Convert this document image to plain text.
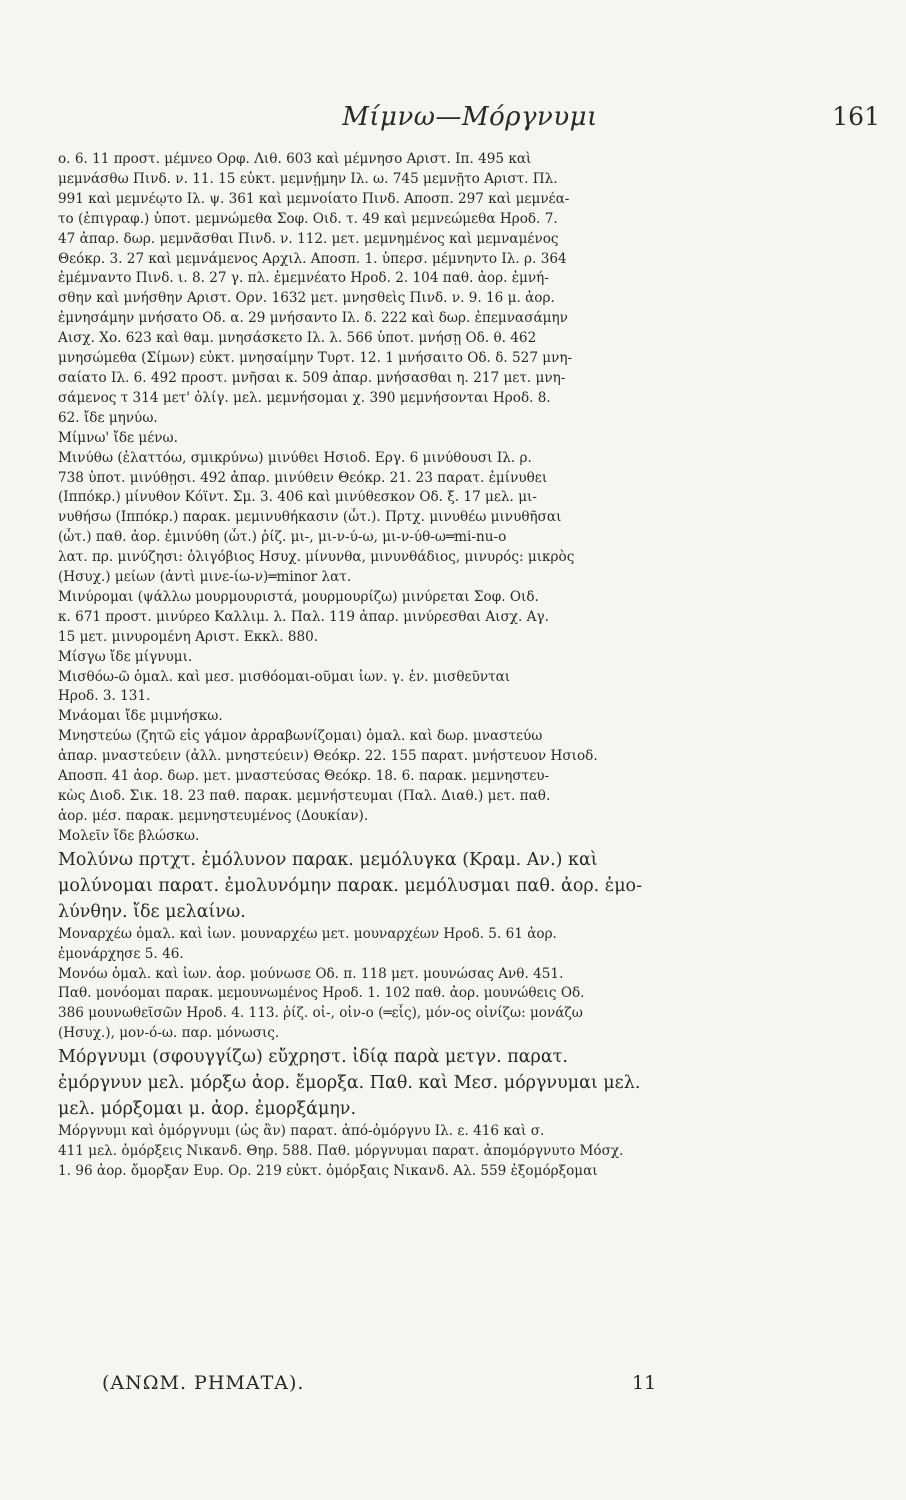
Μίμνω—Μόργνυμι	161
ο. 6. 11 προστ. μέμνεο Ορφ. Λιθ. 603 καὶ μέμνησο Αριστ. Ιπ. 495 καὶ
μεμνάσθω Πινδ. ν. 11. 15 εὐκτ. μεμνῄμην Ιλ. ω. 745 μεμνῇτο Αριστ. Πλ.
991 καὶ μεμνέῳτο Ιλ. ψ. 361 καὶ μεμνοίατο Πινδ. Αποσπ. 297 καὶ μεμνέα-
το (ἐπιγραφ.) ὑποτ. μεμνώμεθα Σοφ. Οιδ. τ. 49 καὶ μεμνεώμεθα Ηροδ. 7.
47 ἀπαρ. δωρ. μεμνᾶσθαι Πινδ. ν. 112. μετ. μεμνημένος καὶ μεμναμένος
Θεόκρ. 3. 27 καὶ μεμνάμενος Αρχιλ. Αποσπ. 1. ὑπερσ. μέμνηντο Ιλ. ρ. 364
ἐμέμναντο Πινδ. ι. 8. 27 γ. πλ. ἐμεμνέατο Ηροδ. 2. 104 παθ. ἀορ. ἐμνή-
σθην καὶ μνήσθην Αριστ. Ορν. 1632 μετ. μνησθεὶς Πινδ. ν. 9. 16 μ. ἀορ.
ἐμνησάμην μνήσατο Οδ. α. 29 μνήσαντο Ιλ. δ. 222 καὶ δωρ. ἐπεμνασάμην
Αισχ. Χο. 623 καὶ θαμ. μνησάσκετο Ιλ. λ. 566 ὑποτ. μνήσῃ Οδ. θ. 462
μνησώμεθα (Σίμων) εὐκτ. μνησαίμην Τυρτ. 12. 1 μνήσαιτο Οδ. δ. 527 μνη-
σαίατο Ιλ. 6. 492 προστ. μνῆσαι κ. 509 ἀπαρ. μνήσασθαι η. 217 μετ. μνη-
σάμενος τ 314 μετ' ὀλίγ. μελ. μεμνήσομαι χ. 390 μεμνήσονται Ηροδ. 8.
62. ἴδε μηνύω.
Μίμνω' ἴδε μένω.
Μινύθω (ἐλαττόω, σμικρύνω) μινύθει Ησιοδ. Εργ. 6 μινύθουσι Ιλ. ρ.
738 ὑποτ. μινύθῃσι. 492 ἀπαρ. μινύθειν Θεόκρ. 21. 23 παρατ. ἐμίνυθει
(Ιππόκρ.) μίνυθον Κόϊντ. Σμ. 3. 406 καὶ μινύθεσκον Οδ. ξ. 17 μελ. μι-
νυθήσω (Ιππόκρ.) παρακ. μεμινυθήκασιν (ὦτ.). Πρτχ. μινυθέω μινυθῆσαι
(ὦτ.) παθ. ἀορ. ἐμινύθη (ὦτ.) ῥίζ. μι-, μι-ν-ύ-ω, μι-ν-ύθ-ω═mi-nu-o
λατ. πρ. μινύζησι: ὀλιγόβιος Ησυχ. μίνυνθα, μινυνθάδιος, μινυρός: μικρὸς
(Ησυχ.) μείων (ἀντὶ μινε-ίω-ν)═minor λατ.
Μινύρομαι (ψάλλω μουρμουριστά, μουρμουρίζω) μινύρεται Σοφ. Οιδ.
κ. 671 προστ. μινύρεο Καλλιμ. λ. Παλ. 119 ἀπαρ. μινύρεσθαι Αισχ. Αγ.
15 μετ. μινυρομένη Αριστ. Εκκλ. 880.
Μίσγω ἴδε μίγνυμι.
Μισθόω-ῶ ὁμαλ. καὶ μεσ. μισθόομαι-οῦμαι ἰων. γ. ἑν. μισθεῦνται
Ηροδ. 3. 131.
Μνάομαι ἴδε μιμνήσκω.
Μνηστεύω (ζητῶ εἰς γάμον ἀρραβωνίζομαι) ὁμαλ. καὶ δωρ. μναστεύω
ἀπαρ. μναστεύειν (ἀλλ. μνηστεύειν) Θεόκρ. 22. 155 παρατ. μνήστευον Ησιοδ.
Αποσπ. 41 ἀορ. δωρ. μετ. μναστεύσας Θεόκρ. 18. 6. παρακ. μεμνηστευ-
κὼς Διοδ. Σικ. 18. 23 παθ. παρακ. μεμνήστευμαι (Παλ. Διαθ.) μετ. παθ.
ἀορ. μέσ. παρακ. μεμνηστευμένος (Δουκίαν).
Μολεῖν ἴδε βλώσκω.
Μολύνω πρτχτ. ἐμόλυνον παρακ. μεμόλυγκα (Κραμ. Αν.) καὶ
μολύνομαι παρατ. ἐμολυνόμην παρακ. μεμόλυσμαι παθ. ἀορ. ἐμο-
λύνθην. ἴδε μελαίνω.
Μοναρχέω ὁμαλ. καὶ ἰων. μουναρχέω μετ. μουναρχέων Ηροδ. 5. 61 ἀορ.
ἐμονάρχησε 5. 46.
Μονόω ὁμαλ. καὶ ἰων. ἀορ. μούνωσε Οδ. π. 118 μετ. μουνώσας Ανθ. 451.
Παθ. μονόομαι παρακ. μεμουνωμένος Ηροδ. 1. 102 παθ. ἀορ. μουνώθεις Οδ.
386 μουνωθεῖσῶν Ηροδ. 4. 113. ῥίζ. οἰ-, οἰν-ο (═εἷς), μόν-ος οἰνίζω: μονάζω
(Ησυχ.), μον-ό-ω. παρ. μόνωσις.
Μόργνυμι (σφουγγίζω) εὔχρηστ. ἰδίᾳ παρὰ μετγν. παρατ.
ἐμόργνυν μελ. μόρξω ἀορ. ἔμορξα. Παθ. καὶ Μεσ. μόργνυμαι μελ.
μελ. μόρξομαι μ. ἀορ. ἐμορξάμην.
Μόργνυμι καὶ ὀμόργνυμι (ὡς ἂν) παρατ. ἀπό-ὀμόργνυ Ιλ. ε. 416 καὶ σ.
411 μελ. ὀμόρξεις Νικανδ. Θηρ. 588. Παθ. μόργνυμαι παρατ. ἀπομόργνυτο Μόσχ.
1. 96 ἀορ. ὄμορξαν Ευρ. Ορ. 219 εὐκτ. ὀμόρξαις Νικανδ. Αλ. 559 ἐξομόρξομαι
(ΑΝΩΜ. ΡΗΜΑΤΑ).	11
